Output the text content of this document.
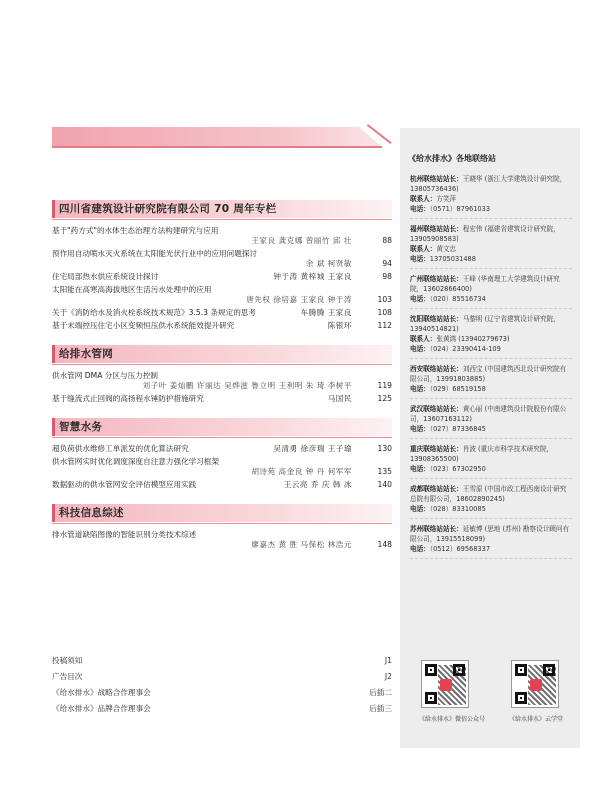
四川省建筑设计研究院有限公司 70 周年专栏
基于"药方式"的水体生态治理方法构建研究与应用
王家良 龚克娜 曾丽竹 邱 壮	88
预作用自动喷水灭火系统在太阳能光伏行业中的应用问题探讨
余 斌 柯贤敏	94
住宅局部热水供应系统设计探讨	钟于涛 黄梓城 王家良	98
太阳能在高寒高海拔地区生活污水处理中的应用
唐先权 徐培嘉 王家良 钟于涛	103
关于《消防给水及消火栓系统技术规范》3.5.3 条规定的思考	车腾腾 王家良	108
基于末端控压住宅小区变频恒压供水系统能效提升研究	陈银环	112
给排水管网
供水管网 DMA 分区与压力控制
刘子叶 姜灿鹏 许丽达 吴烨滋 鲁立明 王利明 朱 琦 李树平	119
基于缝流式止回阀的高扬程水锤防护措施研究	马国民	125
智慧水务
超负荷供水维修工单派发的优化算法研究	吴清勇 徐彦瑞 王子瑜	130
供水管网实时优化调度深度自注意力强化学习框架
胡诗苑 高金良 钟 丹 何军军	135
数据驱动的供水管网安全评估模型应用实践	王云亮 乔 庆 韩 冰	140
科技信息综述
排水管道缺陷图像的智能识别分类技术综述
廖嘉杰 黄 胜 马保松 林浩元	148
投稿须知	J1
广告目次	J2
《给水排水》战略合作理事会	后插二
《给水排水》品牌合作理事会	后插三
《给水排水》各地联络站
杭州联络站站长：王晓华 (浙江大学建筑设计研究院，13805736436)
联系人：方笑萍
电话：（0571）87961033
福州联络站站长：程宏伟 (福建省建筑设计研究院，13905908583)
联系人：黄文忠
电话：13705031488
广州联络站站长：王峰 (华南理工大学建筑设计研究院，13602866400)
电话：（020）85516734
沈阳联络站站长：马黎明 (辽宁省建筑设计研究院，13940514821)
联系人：张黄鸿 (13940279673)
电话：（024）23390414-109
西安联络站站长：刘西宝 (中国建筑西北设计研究院有限公司，13991803885)
电话：（029）68519158
武汉联络站站长：黄心丽 (中南建筑设计院股份有限公司，13607163112)
电话：（027）87336845
重庆联络站站长：肖波 (重庆市科学技术研究院，13908365500)
电话：（023）67302950
成都联络站站长：王雪原 (中国市政工程西南设计研究总院有限公司，18602890245)
电话：（028）83310085
苏州联络站站长：延敏博 (思地 (苏州) 勘察设计顾问有限公司，13915518099)
电话：（0512）69568337
《给水排水》微信公众号	《给水排水》云学堂
